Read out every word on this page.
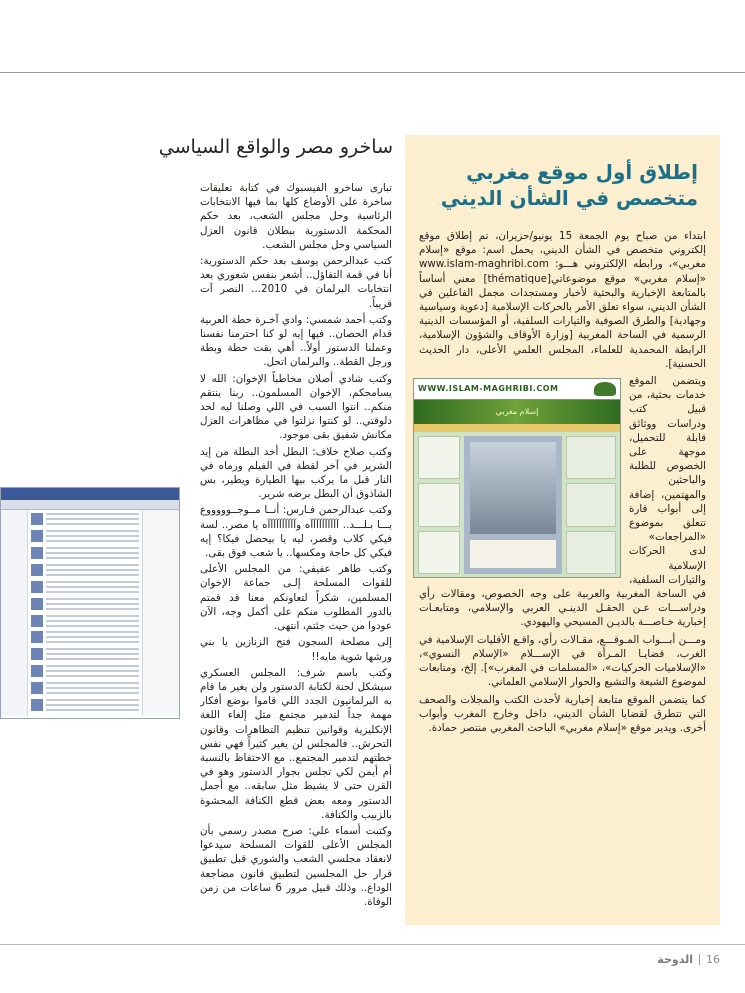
إطلاق أول موقع مغربي متخصص في الشأن الديني

ابتداء من صباح يوم الجمعة 15 يونيو/حزيران، تم إطلاق موقع إلكتروني متخصص في الشأن الديني، يحمل اسم: موقع «إسلام مغربي»، ورابطه الإلكتروني هـــو: www.islam-maghribi.com «إسلام مغربي» موقع موضوعاتي[thématique] معني أساساً بالمتابعة الإخبارية والبحثية لأخبار ومستجدات مجمل الفاعلين في الشأن الديني، سواء تعلق الأمر بالحركات الإسلامية [دعوية وسياسية وجهادية] والطرق الصوفية والتيارات السلفية، أو المؤسسات الدينية الرسمية في الساحة المغربية [وزارة الأوقاف والشؤون الإسلامية، الرابطة المحمدية للعلماء، المجلس العلمي الأعلى، دار الحديث الحسنية].

WWW.ISLAM-MAGHRIBI.COM
إسلام مغربي

ويتضمن الموقع خدمات بحثية، من قبيل كتب ودراسات ووثائق قابلة للتحميل، موجهة على الخصوص للطلبة والباحثين والمهتمين، إضافة إلى أبواب قارة تتعلق بموضوع «المراجعات» لدى الحركات الإسلامية والتيارات السلفية، في الساحة المغربية والعربية على وجه الخصوص، ومقالات رأي ودراســـات عـن الحقـل الدينـي العربي والإسلامي، ومتابعـات إخبارية خـاصـــة بالديـن المسيحي واليهودي.

ومـــن أبـــواب المـوقـــع، مقـالات رأي، واقـع الأقليات الإسلامية في الغرب، قضايـا المـرأة في الإســـلام «الإسلام النسوي»، «الإسلاميات الحركيات»، «المسلمات في المغرب»]. إلخ، ومتابعات لموضوع الشيعة والتشيع والحوار الإسلامي العلماني.

كما يتضمن الموقع متابعة إخبارية لأحدث الكتب والمجلات والصحف التي تتطرق لقضايا الشأن الديني، داخل وخارج المغرب وأبواب أخرى. ويدير موقع «إسلام مغربي» الباحث المغربي منتصر حمادة.

ساخرو مصر والواقع السياسي

تبارى ساخرو الفيسبوك في كتابة تعليقات ساخرة على الأوضاع كلها بما فيها الانتخابات الرئاسية وحل مجلس الشعب، بعد حكم المحكمة الدستورية ببطلان قانون العزل السياسي وحل مجلس الشعب.

كتب عبدالرحمن يوسف بعد حكم الدستورية: أنا في قمة التفاؤل.. أشعر بنفس شعوري بعد انتخابات البرلمان في 2010... النصر آت قريباً.

وكتب أحمد شمسي: وادي آخـرة حطة العربية قدام الحصان.. فيها إيه لو كنا احترمنا نفسنا وعملنا الدستور أولاً.. أهي بقت حطة وبطة ورجل القطة.. والبرلمان اتحل.

وكتب شادي أصلان مخاطباً الإخوان: الله لا يسامحكم، الإخوان المسلمون.. ربنا ينتقم منكم.. انتوا السبب في اللي وصلنا ليه لحد دلوقتي.. لو كنتوا نزلتوا في مظاهرات العزل مكانش شفيق بقى موجود.

وكتب صلاح خلاف: البطل أخد البطلة من إيد الشرير في آخر لقطة في الفيلم ورماه في النار قبل ما يركب بيها الطيارة ويطير، بس الشاذوق أن البطل برضه شرير.

وكتب عبدالرحمن فـارس: أنــا مــوجــوووووع يـــا بـلـــد.. آآآآآآآآآآه وآآآآآآآآآآه يا مصر.. لسة فيكي كلاب وقصر، ليه يا بيحصل فيكا؟ إيه فيكي كل حاجة ومكسها.. يا شعب فوق بقى.

وكتب طاهر عفيفي: من المجلس الأعلى للقوات المسلحة إلـى جماعة الإخوان المسلمين، شكراً لتعاونكم معنا قد قمتم بالدور المطلوب منكم على أكمل وجه، الآن عودوا من حيث جئتم، انتهى.

إلى مصلحة السجون فتح الزنازين يا بني ورشها شوية مايه!!

وكتب باسم شرف: المجلس العسكري سيشكل لجنة لكتابة الدستور ولن يغير ما قام به البرلمانيون الجدد اللي قاموا بوضع أفكار مهمة جداً لتدمير مجتمع مثل إلغاء اللغة الإنكليزية وقوانين تنظيم التظاهرات وقانون التحرش.. فالمجلس لن يغير كثيراً فهي نفس خطتهم لتدمير المجتمع.. مع الاحتفاظ بالنسبة أم أيمن لكي تجلس بجوار الدستور وهو في القرن حتى لا يشيط مثل سابقه.. مع أجمل الدستور ومعه بعض قطع الكنافة المحشوة بالزبيب والكنافة.

وكتبت أسماء علي: صرح مصدر رسمي بأن المجلس الأعلى للقوات المسلحة سيدعوا لانعقاد مجلسي الشعب والشوري قبل تطبيق قرار حل المجلسين لتطبيق قانون مضاجعة الوداع.. وذلك قبيل مرور 6 ساعات من زمن الوفاة.

16
الدوحة
